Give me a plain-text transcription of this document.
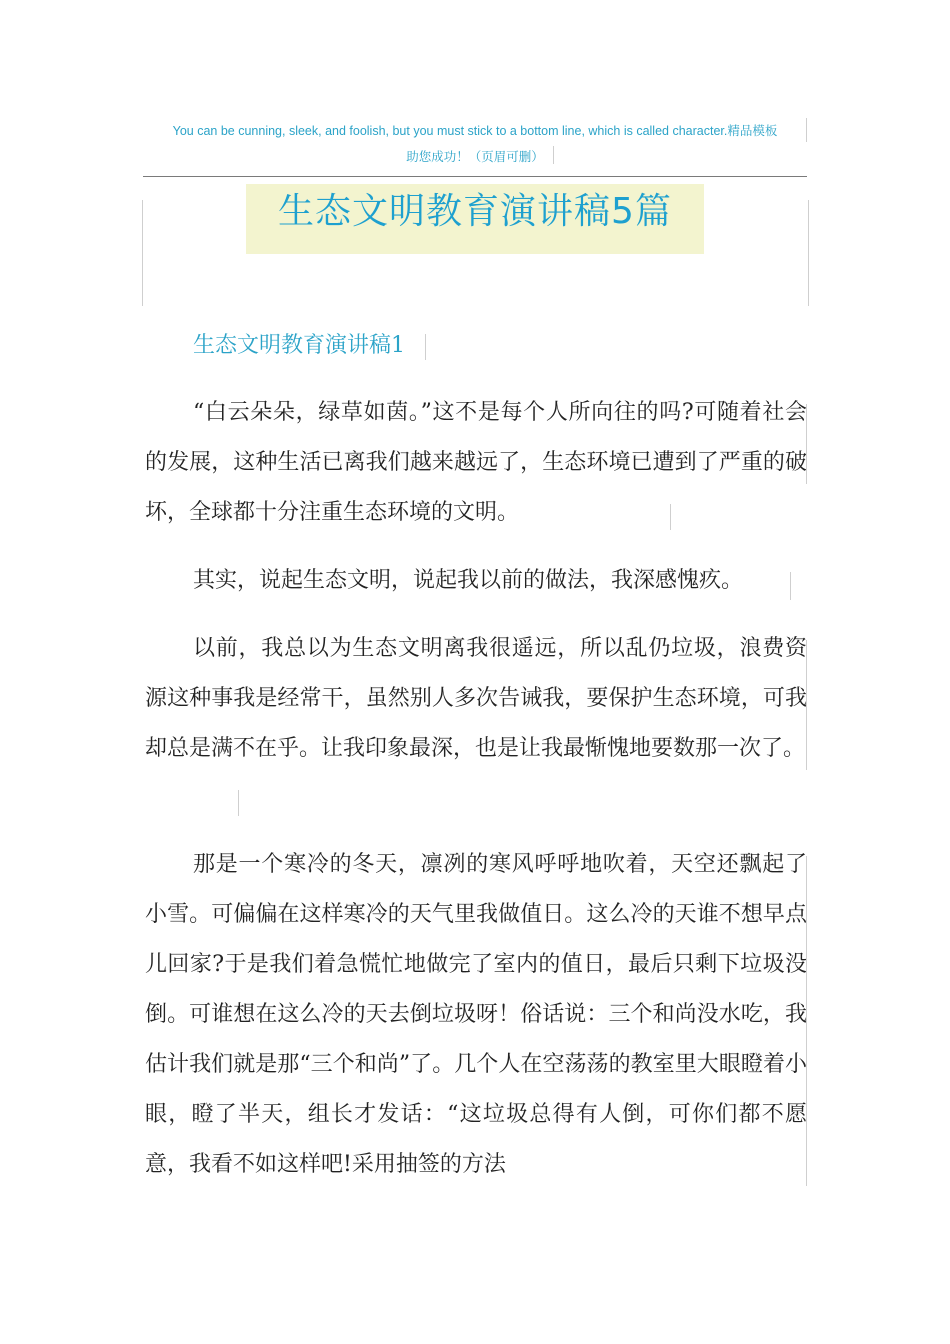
You can be cunning, sleek, and foolish, but you must stick to a bottom line, which is called character.精品模板
助您成功！（页眉可删）
生态文明教育演讲稿5篇
生态文明教育演讲稿1

“白云朵朵，绿草如茵。”这不是每个人所向往的吗?可随着社会的发展，这种生活已离我们越来越远了，生态环境已遭到了严重的破坏，全球都十分注重生态环境的文明。

其实，说起生态文明，说起我以前的做法，我深感愧疚。

以前，我总以为生态文明离我很遥远，所以乱仍垃圾，浪费资源这种事我是经常干，虽然别人多次告诫我，要保护生态环境，可我却总是满不在乎。让我印象最深，也是让我最惭愧地要数那一次了。

那是一个寒冷的冬天，凛冽的寒风呼呼地吹着，天空还飘起了小雪。可偏偏在这样寒冷的天气里我做值日。这么冷的天谁不想早点儿回家?于是我们着急慌忙地做完了室内的值日，最后只剩下垃圾没倒。可谁想在这么冷的天去倒垃圾呀！俗话说：三个和尚没水吃，我估计我们就是那“三个和尚”了。几个人在空荡荡的教室里大眼瞪着小眼，瞪了半天，组长才发话：“这垃圾总得有人倒，可你们都不愿意，我看不如这样吧!采用抽签的方法
